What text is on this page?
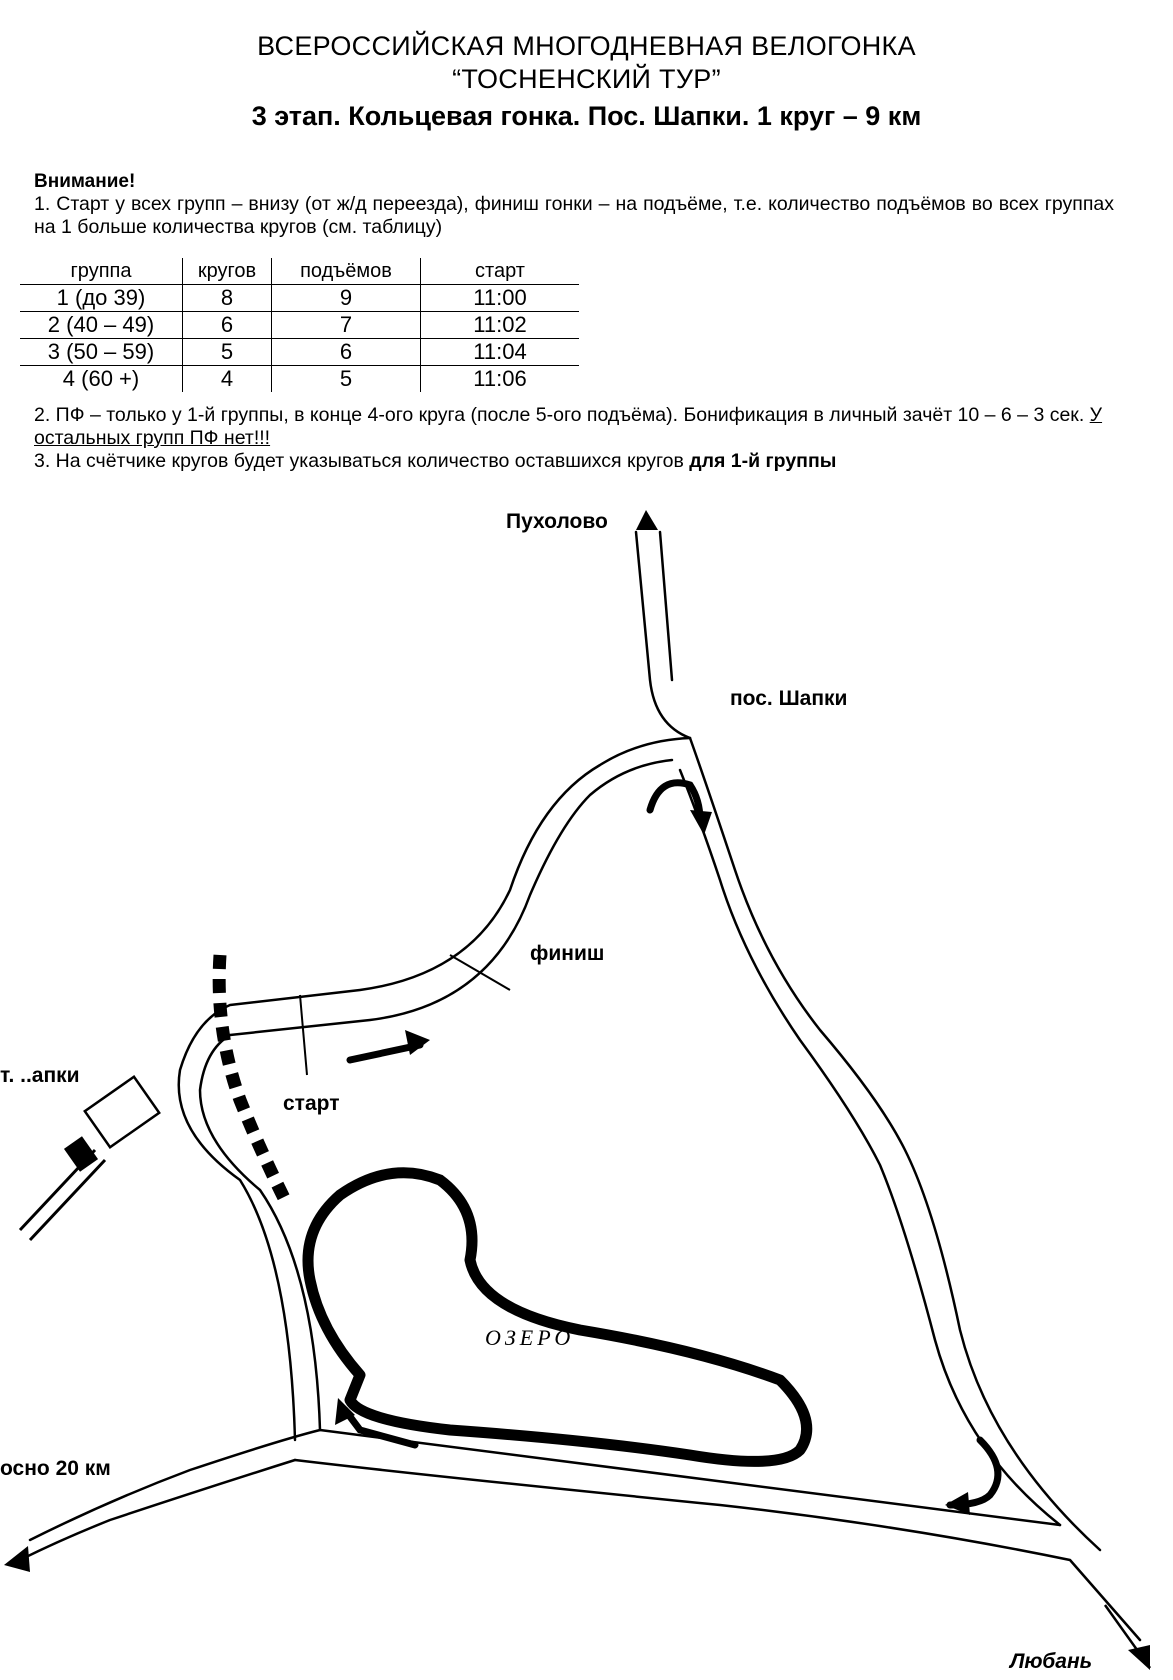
ВСЕРОССИЙСКАЯ МНОГОДНЕВНАЯ ВЕЛОГОНКА
“ТОСНЕНСКИЙ ТУР”
3 этап. Кольцевая гонка. Пос. Шапки. 1 круг – 9 км

Внимание!

1. Старт у всех групп – внизу (от ж/д переезда), финиш гонки – на подъёме, т.е. количество подъёмов во всех группах на 1 больше количества кругов (см. таблицу)

группа	кругов	подъёмов	старт
1 (до 39)	8	9	11:00
2 (40 – 49)	6	7	11:02
3 (50 – 59)	5	6	11:04
4 (60 +)	4	5	11:06

2. ПФ – только у 1-й группы, в конце 4-ого круга (после 5-ого подъёма). Бонификация в личный зачёт 10 – 6 – 3 сек. У остальных групп ПФ нет!!!

3. На счётчике кругов будет указываться количество оставшихся кругов для 1-й группы

Пухолово
пос. Шапки
финиш
старт
т. ..апки
ОЗЕРО
осно 20 км
Любань
